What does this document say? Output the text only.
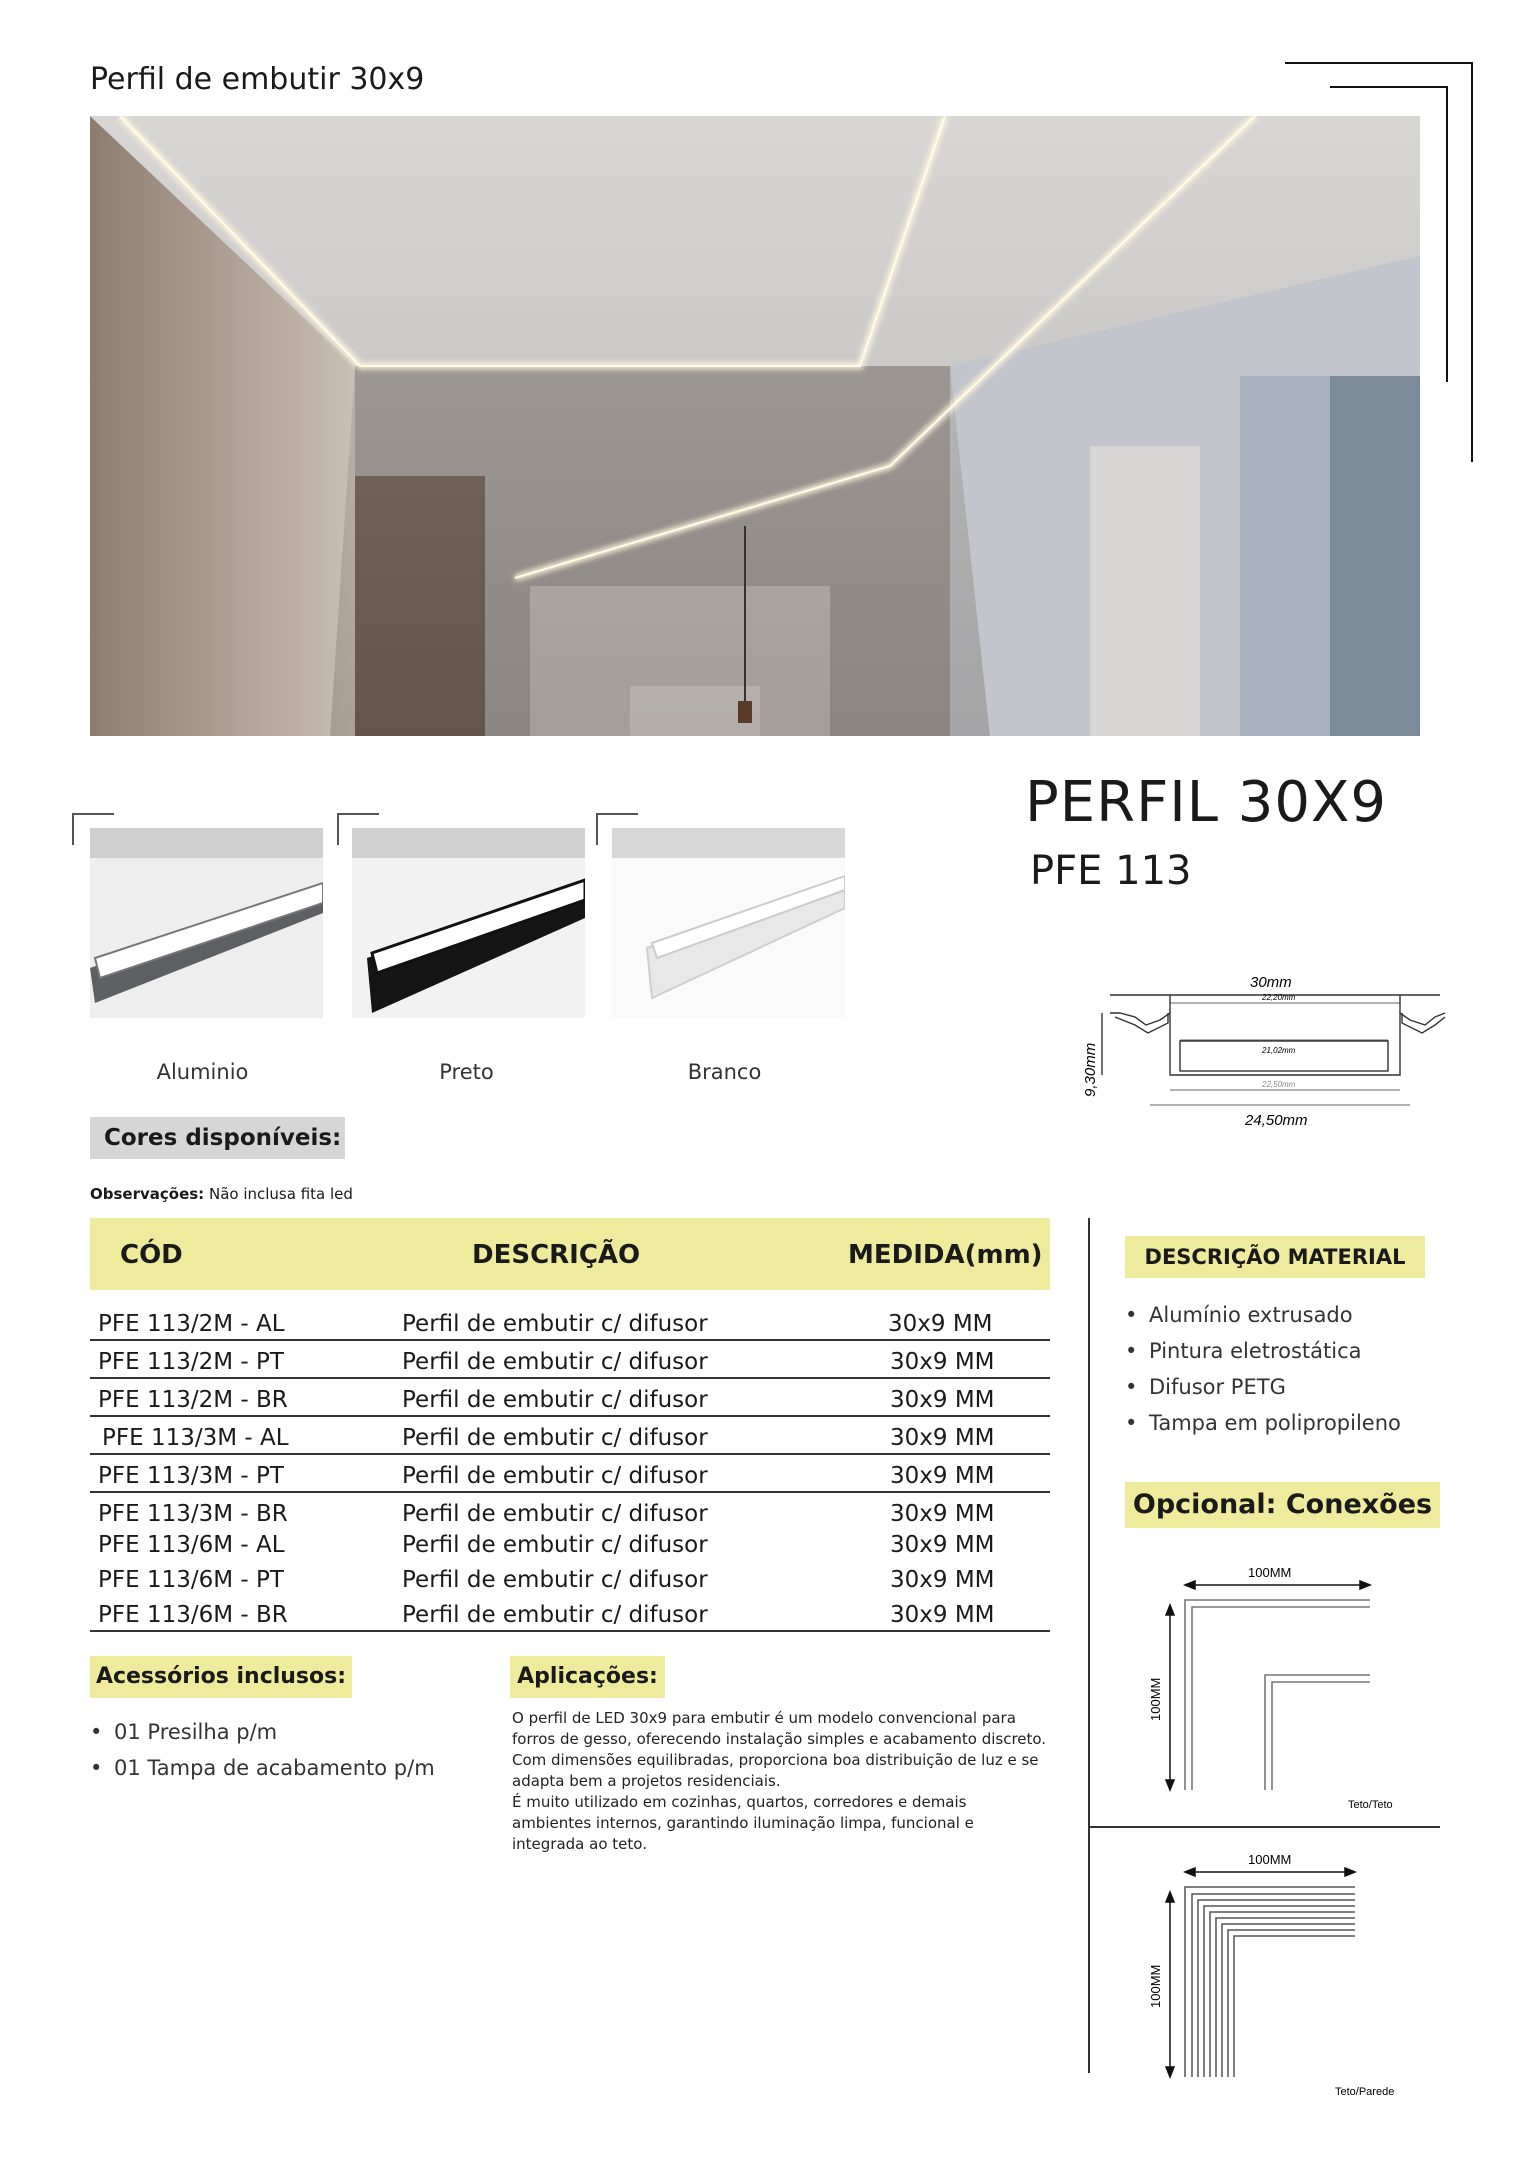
Perfil de embutir 30x9
Aluminio	Preto	Branco
Cores disponíveis:
PERFIL 30X9
PFE 113
30mm
22,20mm
21,02mm
9,30mm	22,50mm
24,50mm
Observações: Não inclusa fita led
CÓD	DESCRIÇÃO	MEDIDA(mm)
PFE 113/2M - AL	Perfil de embutir c/ difusor	30x9 MM
PFE 113/2M - PT	Perfil de embutir c/ difusor	30x9 MM
PFE 113/2M - BR	Perfil de embutir c/ difusor	30x9 MM
PFE 113/3M - AL	Perfil de embutir c/ difusor	30x9 MM
PFE 113/3M - PT	Perfil de embutir c/ difusor	30x9 MM
PFE 113/3M - BR	Perfil de embutir c/ difusor	30x9 MM
PFE 113/6M - AL	Perfil de embutir c/ difusor	30x9 MM
PFE 113/6M - PT	Perfil de embutir c/ difusor	30x9 MM
PFE 113/6M - BR	Perfil de embutir c/ difusor	30x9 MM
DESCRIÇÃO MATERIAL
• Alumínio extrusado
• Pintura eletrostática
• Difusor PETG
• Tampa em polipropileno
Opcional: Conexões
100MM
100MM
Teto/Teto
100MM
100MM
Teto/Parede
Acessórios inclusos:
• 01 Presilha p/m
• 01 Tampa de acabamento p/m
Aplicações:
O perfil de LED 30x9 para embutir é um modelo convencional para forros de gesso, oferecendo instalação simples e acabamento discreto. Com dimensões equilibradas, proporciona boa distribuição de luz e se adapta bem a projetos residenciais.
É muito utilizado em cozinhas, quartos, corredores e demais ambientes internos, garantindo iluminação limpa, funcional e integrada ao teto.
